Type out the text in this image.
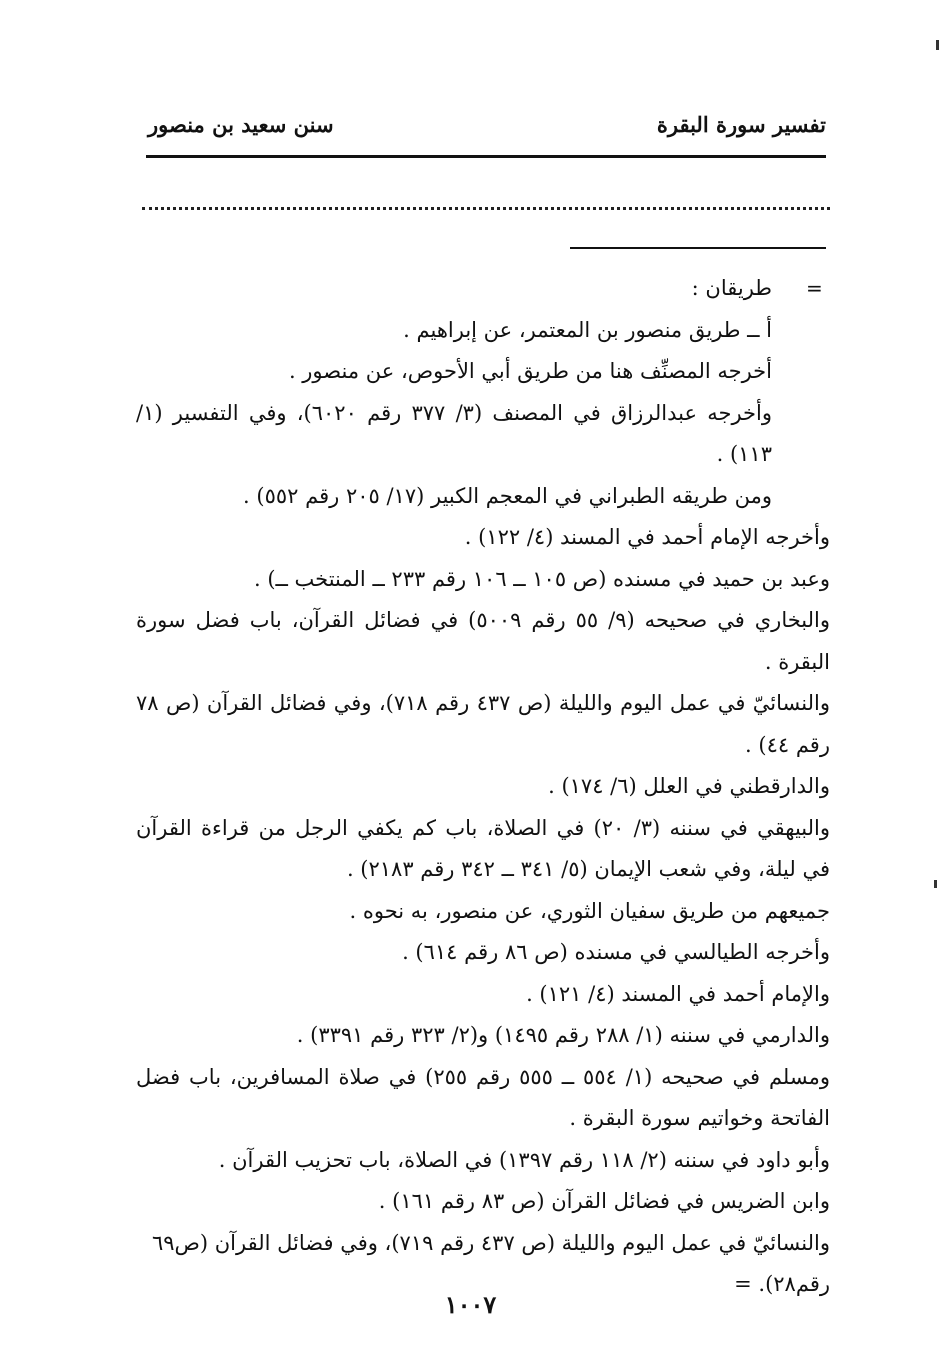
تفسير سورة البقرة
سنن سعيد بن منصور
=

طريقان :

أ ــ طريق منصور بن المعتمر، عن إبراهيم .

أخرجه المصنِّف هنا من طريق أبي الأحوص، عن منصور .

وأخرجه عبدالرزاق في المصنف (٣/ ٣٧٧ رقم ٦٠٢٠)، وفي التفسير (١/ ١١٣) .

ومن طريقه الطبراني في المعجم الكبير (١٧/ ٢٠٥ رقم ٥٥٢) .

وأخرجه الإمام أحمد في المسند (٤/ ١٢٢) .

وعبد بن حميد في مسنده (ص ١٠٥ ــ ١٠٦ رقم ٢٣٣ ــ المنتخب ــ) .

والبخاري في صحيحه (٩/ ٥٥ رقم ٥٠٠٩) في فضائل القرآن، باب فضل سورة البقرة .

والنسائيّ في عمل اليوم والليلة (ص ٤٣٧ رقم ٧١٨)، وفي فضائل القرآن (ص ٧٨ رقم ٤٤) .

والدارقطني في العلل (٦/ ١٧٤) .

والبيهقي في سننه (٣/ ٢٠) في الصلاة، باب كم يكفي الرجل من قراءة القرآن في ليلة، وفي شعب الإيمان (٥/ ٣٤١ ــ ٣٤٢ رقم ٢١٨٣) .

جميعهم من طريق سفيان الثوري، عن منصور، به نحوه .

وأخرجه الطيالسي في مسنده (ص ٨٦ رقم ٦١٤) .

والإمام أحمد في المسند (٤/ ١٢١) .

والدارمي في سننه (١/ ٢٨٨ رقم ١٤٩٥) و(٢/ ٣٢٣ رقم ٣٣٩١) .

ومسلم في صحيحه (١/ ٥٥٤ ــ ٥٥٥ رقم ٢٥٥) في صلاة المسافرين، باب فضل الفاتحة وخواتيم سورة البقرة .

وأبو داود في سننه (٢/ ١١٨ رقم ١٣٩٧) في الصلاة، باب تحزيب القرآن .

وابن الضريس في فضائل القرآن (ص ٨٣ رقم ١٦١) .

والنسائيّ في عمل اليوم والليلة (ص ٤٣٧ رقم ٧١٩)، وفي فضائل القرآن (ص٦٩ رقم٢٨). =

١٠٠٧
